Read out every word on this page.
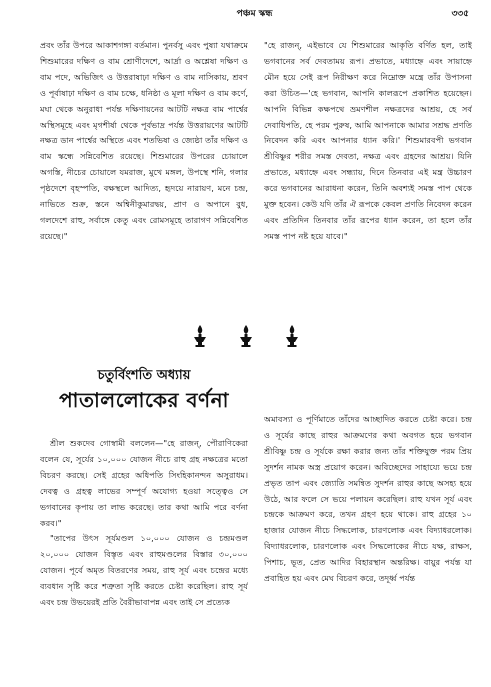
পঞ্চম স্কন্ধ	৩৩৫

প্রবং তাঁর উপরে আকাশগঙ্গা বর্তমান। পুনর্বসু এবং পুষ্যা যথাক্রমে শিশুমারের দক্ষিণ ও বাম শ্রোণীদেশে, আর্দ্রা ও অশ্লেষা দক্ষিণ ও বাম পদে, অভিজিৎ ও উত্তরাষাঢ়া দক্ষিণ ও বাম নাসিকায়, শ্রবণ ও পূর্বাষাঢ়া দক্ষিণ ও বাম চক্ষে, ধনিষ্ঠা ও মূলা দক্ষিণ ও বাম কর্ণে, মঘা থেকে অনুরাধা পর্যন্ত দক্ষিণায়নের আটটি নক্ষত্র বাম পার্শ্বের অস্থিসমূহে এবং মৃগশীর্ষা থেকে পূর্বভাদ্র পর্যন্ত উত্তরায়ণের আটটি নক্ষত্র ডান পার্শ্বের অস্থিতে এবং শতভিষা ও জ্যেষ্ঠা তাঁর দক্ষিণ ও বাম স্কন্ধে সন্নিবেশিত রয়েছে। শিশুমারের উপরের চোয়ালে অগস্তি, নীচের চোয়ালে যমরাজ, মুখে মঙ্গল, উপস্থে শনি, গলার পৃষ্ঠদেশে বৃহস্পতি, বক্ষস্থলে আদিত্য, হৃদয়ে নারায়ণ, মনে চন্দ্র, নাভিতে শুক্র, স্তনে অশ্বিনীকুমারদ্বয়, প্রাণ ও অপানে বুধ, গলদেশে রাহু, সর্বাঙ্গে কেতু এবং রোমসমূহে তারাগণ সন্নিবেশিত রয়েছে।"

"হে রাজন্‌, এইভাবে যে শিশুমারের আকৃতি বর্ণিত হল, তাই ভগবানের সর্ব দেবতাময় রূপ। প্রভাতে, মধ্যাহ্নে এবং সায়াহ্নে মৌন হয়ে সেই রূপ নিরীক্ষণ করে নিম্নোক্ত মন্ত্রে তাঁর উপাসনা করা উচিত—'হে ভগবান, আপনি কালরূপে প্রকাশিত হয়েছেন। আপনি বিভিন্ন কক্ষপথে ভ্রমণশীল নক্ষত্রদের আশ্রয়, হে সর্ব দেবাধিপতি, হে পরম পুরুষ, আমি আপনাকে আমার সশ্রদ্ধ প্রণতি নিবেদন করি এবং আপনার ধ্যান করি।' শিশুমারবপী ভগবান শ্রীবিষ্ণুর শরীর সমস্ত দেবতা, নক্ষত্র এবং গ্রহদের আশ্রয়। যিনি প্রভাতে, মধ্যাহ্নে এবং সন্ধ্যায়, দিনে তিনবার এই মন্ত্র উচ্চারণ করে ভগবানের আরাধনা করেন, তিনি অবশ্যই সমস্ত পাপ থেকে মুক্ত হবেন। কেউ যদি তাঁর ঐ রূপকে কেবল প্রণতি নিবেদন করেন এবং প্রতিদিন তিনবার তাঁর রূপের ধ্যান করেন, তা হলে তাঁর সমস্ত পাপ নষ্ট হয়ে যাবে।"

চতুর্বিংশতি অধ্যায়
পাতাললোকের বর্ণনা

শ্রীল শুকদেব গোস্বামী বললেন—"হে রাজন্‌, পৌরাণিকেরা বলেন যে, সূর্যের ১০,০০০ যোজন নীচে রাহু গ্রহ নক্ষত্রের মতো বিচরণ করছে। সেই গ্রহের অধিপতি সিংহিকানন্দন অসুরাধম। দেবত্ব ও গ্রহত্ব লাভের সম্পূর্ণ অযোগ্য হওয়া সত্ত্বেও সে ভগবানের কৃপায় তা লাভ করেছে। তার কথা আমি পরে বর্ণনা করব।"

"তাপের উৎস সূর্যমণ্ডল ১০,০০০ যোজন ও চন্দ্রমণ্ডল ২০,০০০ যোজন বিস্তৃত এবং রাহুমণ্ডলের বিস্তার ৩০,০০০ যোজন। পূর্বে অমৃত বিতরণের সময়, রাহু সূর্য এবং চন্দ্রের মধ্যে ব্যবধান সৃষ্টি করে শত্রুতা সৃষ্টি করতে চেষ্টা করেছিল। রাহু সূর্য এবং চন্দ্র উভয়েরই প্রতি বৈরীভাবাপন্ন এবং তাই সে প্রত্যেক

অমাবস্যা ও পূর্ণিমাতে তাঁদের আচ্ছাদিত করতে চেষ্টা করে। চন্দ্র ও সূর্যের কাছে রাহুর আক্রমণের কথা অবগত হয়ে ভগবান শ্রীবিষ্ণু চন্দ্র ও সূর্যকে রক্ষা করার জন্য তাঁর শক্তিযুক্ত পরম প্রিয় সুদর্শন নামক অস্ত্র প্রয়োগ করেন। অবিচ্ছেদের সাহায্যে ভয়ে চন্দ্র প্রভৃত তাপ এবং জ্যোতি সমন্বিত সুদর্শন রাহুর কাছে অসহ্য হয়ে উঠে, আর ফলে সে ভয়ে পলায়ন করেছিল। রাহু যখন সূর্য এবং চন্দ্রকে আক্রমণ করে, তখন গ্রহণ হয়ে থাকে। রাহু গ্রহের ১০ হাজার যোজন নীচে সিদ্ধলোক, চারণলোক এবং বিদ্যাধরলোক। বিদ্যাধরলোক, চারণলোক এবং সিদ্ধলোকের নীচে যক্ষ, রাক্ষস, পিশাচ, ভূত, প্রেত আদির বিহারস্থান অন্তরিক্ষ। বায়ুর পর্যন্ত যা প্রবাহিত হয় এবং মেঘ বিচরণ করে, তদূর্ধ্ব পর্যন্ত
